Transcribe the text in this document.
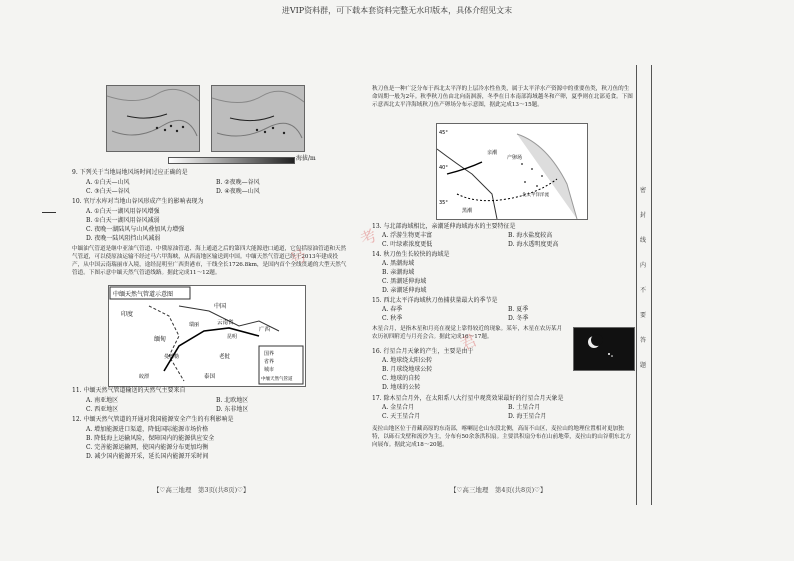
进VIP资料群，可下载本套资料完整无水印版本，具体介绍见文末
海拔/m
9. 下列关于当地局地风场时间过应正确的是
A. ①白天—山风	B. ②夜晚—谷风
C. ③白天—谷风	D. ④夜晚—山风
10. 官厅水库对当地山谷风形成产生的影响表现为
A. ①白天一湖风用谷风增强
B. ①白天一湖风用谷风减弱
C. 夜晚一湖陆风与山风叠加风力增强
D. 夜晚一陆风阻挡山风减弱
中缅油气管道是继中亚油气管道、中俄原油管道、海上通道之后的第四大能源进口通道，它包括原油管道和天然气管道，可以使原油运输不经过马六甲海峡，从西南地区输送到中国。中缅天然气管道已经于2013年建成投产，从中国云南瑞丽市入境，途经昆明至广西贵港市，干线全长1726.8km，是国内首个全线贯通的大型天然气管道。下图示意中缅天然气管道线路。据此完成11～12题。
中缅天然气管道示意图
印度
缅甸
中国
云南省
广西
昆明
瑞丽
曼德勒	老挝
泰国
皎漂
国界
省界
城市
中缅天然气管道
11. 中缅天然气管道输送的天然气主要来自
A. 南亚地区	B. 北欧地区
C. 西亚地区	D. 东非地区
12. 中缅天然气管道的开通对我国能源安全产生的有利影响是
A. 增加能源进口渠道，降低国际能源市场价格
B. 降低海上运输风险，保障国内的能源供应安全
C. 完善能源运输网，使国内能源分布更加均衡
D. 减少国内能源开采，延长国内能源开采时间
【♡高三地理　第3页(共8页)♡】
秋刀鱼是一种广泛分布于西北太平洋的上层冷水性鱼类，属于太平洋水产资源中的重要鱼类，秋刀鱼的生命周期一般为2年。秋季秋刀鱼由北向南洄游，冬季在日本南部海域越冬和产卵，夏季则在北部觅食。下图示意西北太平洋海域秋刀鱼产卵场分布示意图，据此完成13～15题。
45°
40°
35°
产卵场
亲潮
黑潮
北太平洋洋流
13. 与北部海域相比，亲潮延伸海域海水的主要特征是
A. 浮游生物更丰富	B. 海水盐度较高
C. 叶绿素浓度更低	D. 海水透明度更高
14. 秋刀鱼生长较快的海域是
A. 黑潮海域
B. 亲潮海域
C. 黑潮延伸海域
D. 亲潮延伸海域
15. 西北太平洋海域秋刀鱼捕获量最大的季节是
A. 春季	B. 夏季
C. 秋季	D. 冬季
木星合月，是指木星和月亮在视觉上靠得较近的现象。某年，木星在农历某月农历初四附近与月亮会合。据此完成16～17题。
16. 行星合月天象的产生，主要是由于
A. 地球绕太阳公转
B. 月球绕地球公转
C. 地球的自转
D. 地球的公转
17. 除木星合月外，在太阳系八大行星中观赏效果最好的行星合月天象是
A. 金星合月	B. 土星合月
C. 天王星合月	D. 海王星合月
麦拉山地区位于青藏高原的东南部，喀喇昆仑山东段北侧，高而不山区，麦拉山的地理位置相对更加独特，以砾石戈壁和流沙为主，分布有50余条洪积扇。主要洪积扇分布在山前地带，麦拉山的山谷朝东北方向展布。据此完成18～20题。
【♡高三地理　第4页(共8页)♡】
密
封
线
内
不
要
答
题
号
考
君
